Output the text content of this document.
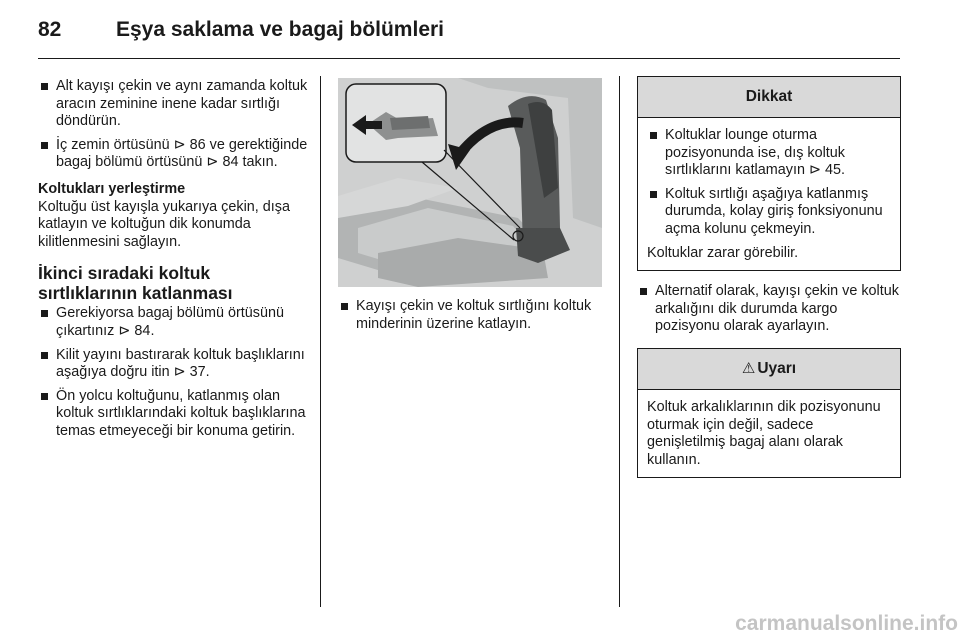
82	Eşya saklama ve bagaj bölümleri
Alt kayışı çekin ve aynı zamanda koltuk aracın zeminine inene kadar sırtlığı döndürün.
İç zemin örtüsünü ⊳ 86 ve gerektiğinde bagaj bölümü örtüsünü ⊳ 84 takın.
Koltukları yerleştirme
Koltuğu üst kayışla yukarıya çekin, dışa katlayın ve koltuğun dik konumda kilitlenmesini sağlayın.
İkinci sıradaki koltuk sırtlıklarının katlanması
Gerekiyorsa bagaj bölümü örtüsünü çıkartınız ⊳ 84.
Kilit yayını bastırarak koltuk başlıklarını aşağıya doğru itin ⊳ 37.
Ön yolcu koltuğunu, katlanmış olan koltuk sırtlıklarındaki koltuk başlıklarına temas etmeyeceği bir konuma getirin.
Kayışı çekin ve koltuk sırtlığını koltuk minderinin üzerine katlayın.
Dikkat
Koltuklar lounge oturma pozisyonunda ise, dış koltuk sırtlıklarını katlamayın ⊳ 45.
Koltuk sırtlığı aşağıya katlanmış durumda, kolay giriş fonksiyonunu açma kolunu çekmeyin.
Koltuklar zarar görebilir.
Alternatif olarak, kayışı çekin ve koltuk arkalığını dik durumda kargo pozisyonu olarak ayarlayın.
⚠ Uyarı
Koltuk arkalıklarının dik pozisyonunu oturmak için değil, sadece genişletilmiş bagaj alanı olarak kullanın.
carmanualsonline.info
